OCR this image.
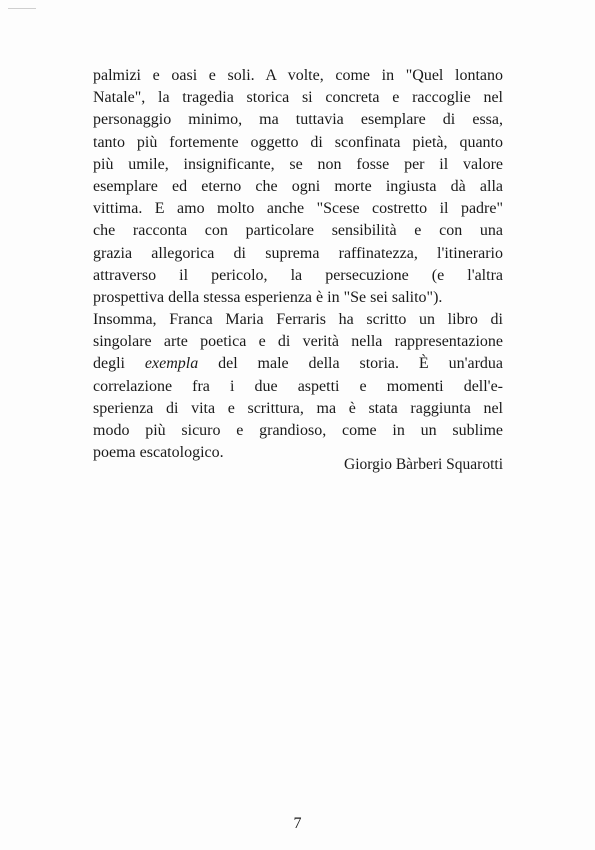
palmizi e oasi e soli. A volte, come in "Quel lontano
Natale", la tragedia storica si concreta e raccoglie nel
personaggio minimo, ma tuttavia esemplare di essa,
tanto più fortemente oggetto di sconfinata pietà, quanto
più umile, insignificante, se non fosse per il valore
esemplare ed eterno che ogni morte ingiusta dà alla
vittima. E amo molto anche "Scese costretto il padre"
che racconta con particolare sensibilità e con una
grazia allegorica di suprema raffinatezza, l'itinerario
attraverso il pericolo, la persecuzione (e l'altra
prospettiva della stessa esperienza è in "Se sei salito").
Insomma, Franca Maria Ferraris ha scritto un libro di
singolare arte poetica e di verità nella rappresentazione
degli exempla del male della storia. È un'ardua
correlazione fra i due aspetti e momenti dell'e-
sperienza di vita e scrittura, ma è stata raggiunta nel
modo più sicuro e grandioso, come in un sublime
poema escatologico.
Giorgio Bàrberi Squarotti
7
